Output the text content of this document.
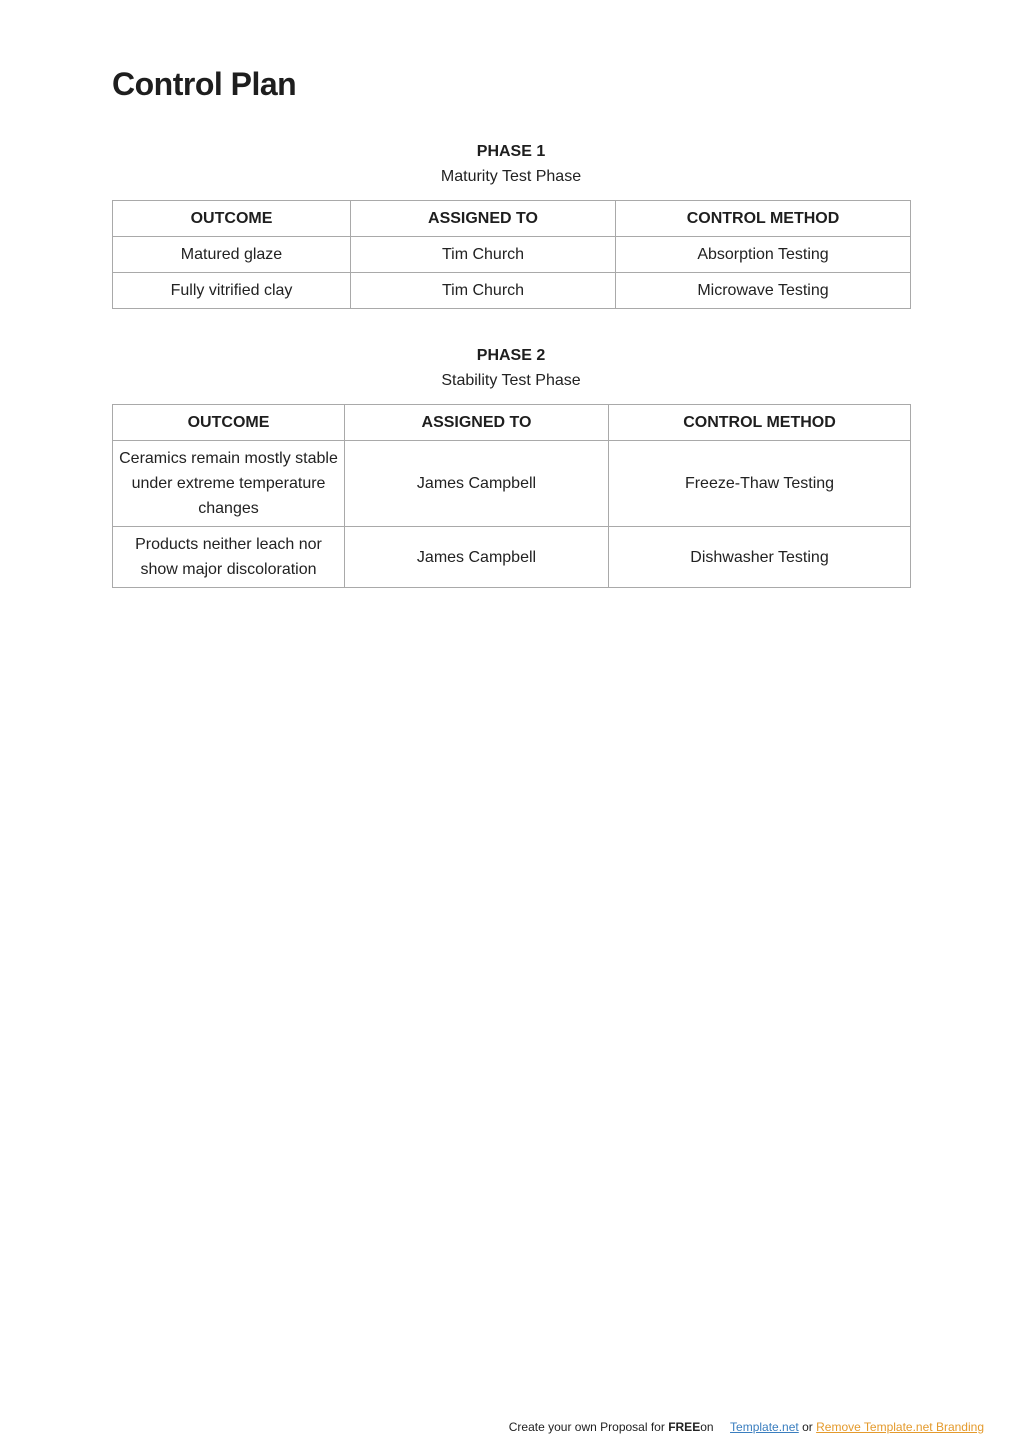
Control Plan
PHASE 1
Maturity Test Phase
OUTCOME	ASSIGNED TO	CONTROL METHOD
Matured glaze	Tim Church	Absorption Testing
Fully vitrified clay	Tim Church	Microwave Testing
PHASE 2
Stability Test Phase
OUTCOME	ASSIGNED TO	CONTROL METHOD
Ceramics remain mostly stable under extreme temperature changes	James Campbell	Freeze-Thaw Testing
Products neither leach nor show major discoloration	James Campbell	Dishwasher Testing
Create your own Proposal for FREEon Template.net or Remove Template.net Branding
